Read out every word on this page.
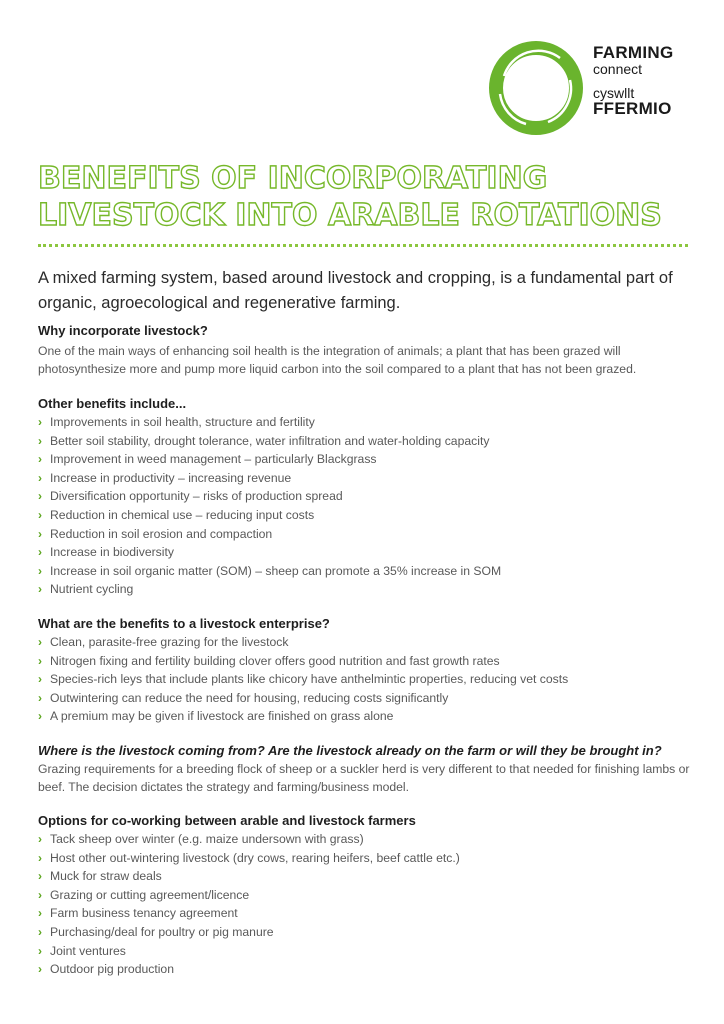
FARMING
connect
cyswllt
FFERMIO
BENEFITS OF INCORPORATING
LIVESTOCK INTO ARABLE ROTATIONS

A mixed farming system, based around livestock and cropping, is a fundamental part of organic, agroecological and regenerative farming.

Why incorporate livestock?
One of the main ways of enhancing soil health is the integration of animals; a plant that has been grazed will photosynthesize more and pump more liquid carbon into the soil compared to a plant that has not been grazed.
Other benefits include...
› Improvements in soil health, structure and fertility
› Better soil stability, drought tolerance, water infiltration and water-holding capacity
› Improvement in weed management – particularly Blackgrass
› Increase in productivity – increasing revenue
› Diversification opportunity – risks of production spread
› Reduction in chemical use – reducing input costs
› Reduction in soil erosion and compaction
› Increase in biodiversity
› Increase in soil organic matter (SOM) – sheep can promote a 35% increase in SOM
› Nutrient cycling
What are the benefits to a livestock enterprise?
› Clean, parasite-free grazing for the livestock
› Nitrogen fixing and fertility building clover offers good nutrition and fast growth rates
› Species-rich leys that include plants like chicory have anthelmintic properties, reducing vet costs
› Outwintering can reduce the need for housing, reducing costs significantly
› A premium may be given if livestock are finished on grass alone
Where is the livestock coming from? Are the livestock already on the farm or will they be brought in?
Grazing requirements for a breeding flock of sheep or a suckler herd is very different to that needed for finishing lambs or beef. The decision dictates the strategy and farming/business model.
Options for co-working between arable and livestock farmers
› Tack sheep over winter (e.g. maize undersown with grass)
› Host other out-wintering livestock (dry cows, rearing heifers, beef cattle etc.)
› Muck for straw deals
› Grazing or cutting agreement/licence
› Farm business tenancy agreement
› Purchasing/deal for poultry or pig manure
› Joint ventures
› Outdoor pig production
